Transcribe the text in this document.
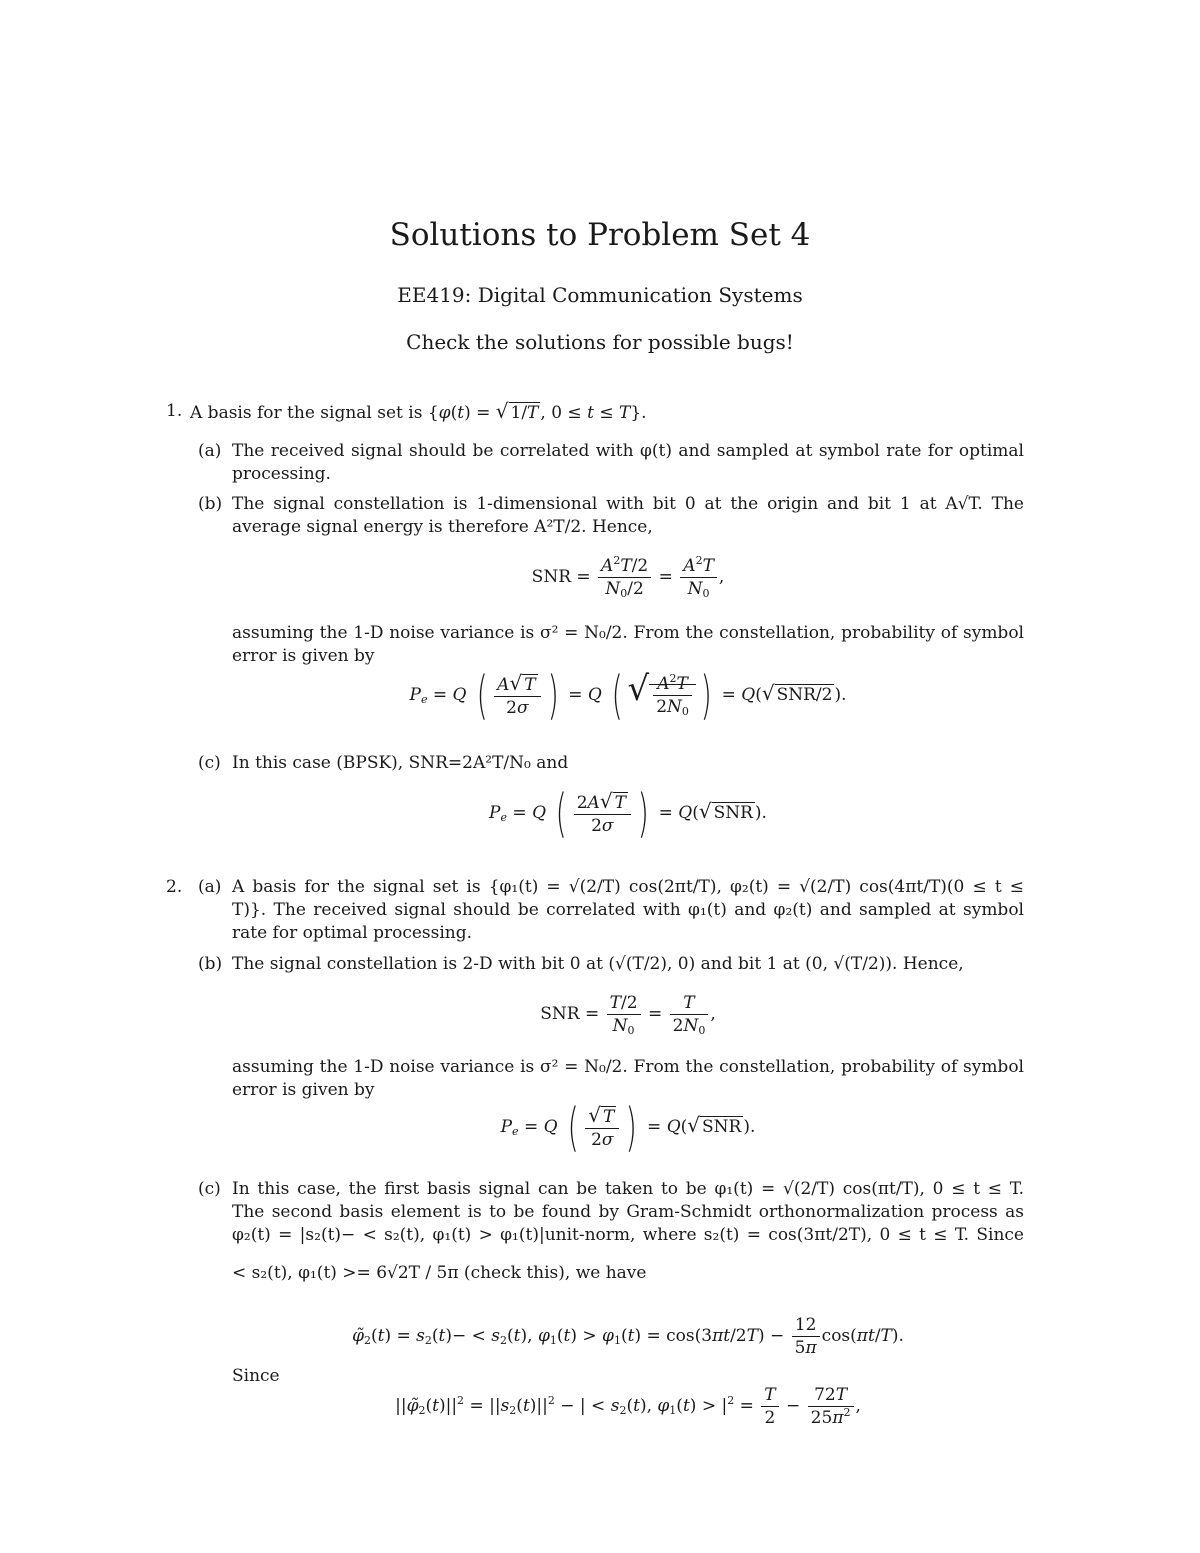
Solutions to Problem Set 4
EE419: Digital Communication Systems
Check the solutions for possible bugs!
1. A basis for the signal set is {φ(t) = √ 1/T , 0 ≤ t ≤ T}.
(a) The received signal should be correlated with φ(t) and sampled at symbol rate for optimal processing.
(b) The signal constellation is 1-dimensional with bit 0 at the origin and bit 1 at A√T. The
average signal energy is therefore A²T/2. Hence,
SNR = $\frac{A^2T/2}{N_0/2} = \frac{A^2T}{N_0}$ ,
assuming the 1-D noise variance is σ² = N₀/2. From the constellation, probability of symbol
error is given by
$P_e = Q$ ( $\frac{A√ T}{2\sigma}$ ) = Q ( √ $\frac{A^2T}{2N_0}$ ) = Q(√ SNR/2 ).
(c) In this case (BPSK), SNR=2A²T/N₀ and
$P_e = Q$ ( $\frac{2A√ T}{2\sigma}$ ) = Q(√ SNR ).
2. (a) A basis for the signal set is {φ₁(t) = √(2/T) cos(2πt/T), φ₂(t) = √(2/T) cos(4πt/T)(0 ≤ t ≤
T)}. The received signal should be correlated with φ₁(t) and φ₂(t) and sampled at symbol
rate for optimal processing.
(b) The signal constellation is 2-D with bit 0 at (√(T/2), 0) and bit 1 at (0, √(T/2)). Hence,
SNR = $\frac{T/2}{N_0} = \frac{T}{2N_0}$ ,
assuming the 1-D noise variance is σ² = N₀/2. From the constellation, probability of symbol
error is given by
$P_e = Q$ ( $\frac{√ T}{2\sigma}$ ) = Q(√ SNR ).
(c) In this case, the first basis signal can be taken to be φ₁(t) = √(2/T) cos(πt/T), 0 ≤ t ≤ T.
The second basis element is to be found by Gram-Schmidt orthonormalization process as
φ₂(t) = |s₂(t)− < s₂(t), φ₁(t) > φ₁(t)|unit-norm, where s₂(t) = cos(3πt/2T), 0 ≤ t ≤ T. Since
< s₂(t), φ₁(t) >= 6√2T / 5π (check this), we have
$\varphĩ_2(t) = s_2(t)- < s_2(t)$, $\varphi_1(t) > \varphi_1(t) = \cos(3\pi t/2T) - \frac{12}{5\pi} \cos(\pi t/T)$.
Since
$||\varphĩ_2(t)||^2 = ||s_2(t)||^2$ − | < $s_2(t)$, $\varphi_1(t) > |^2 = \frac{T}{2} - \frac{72T}{25\pi^2}$ ,
